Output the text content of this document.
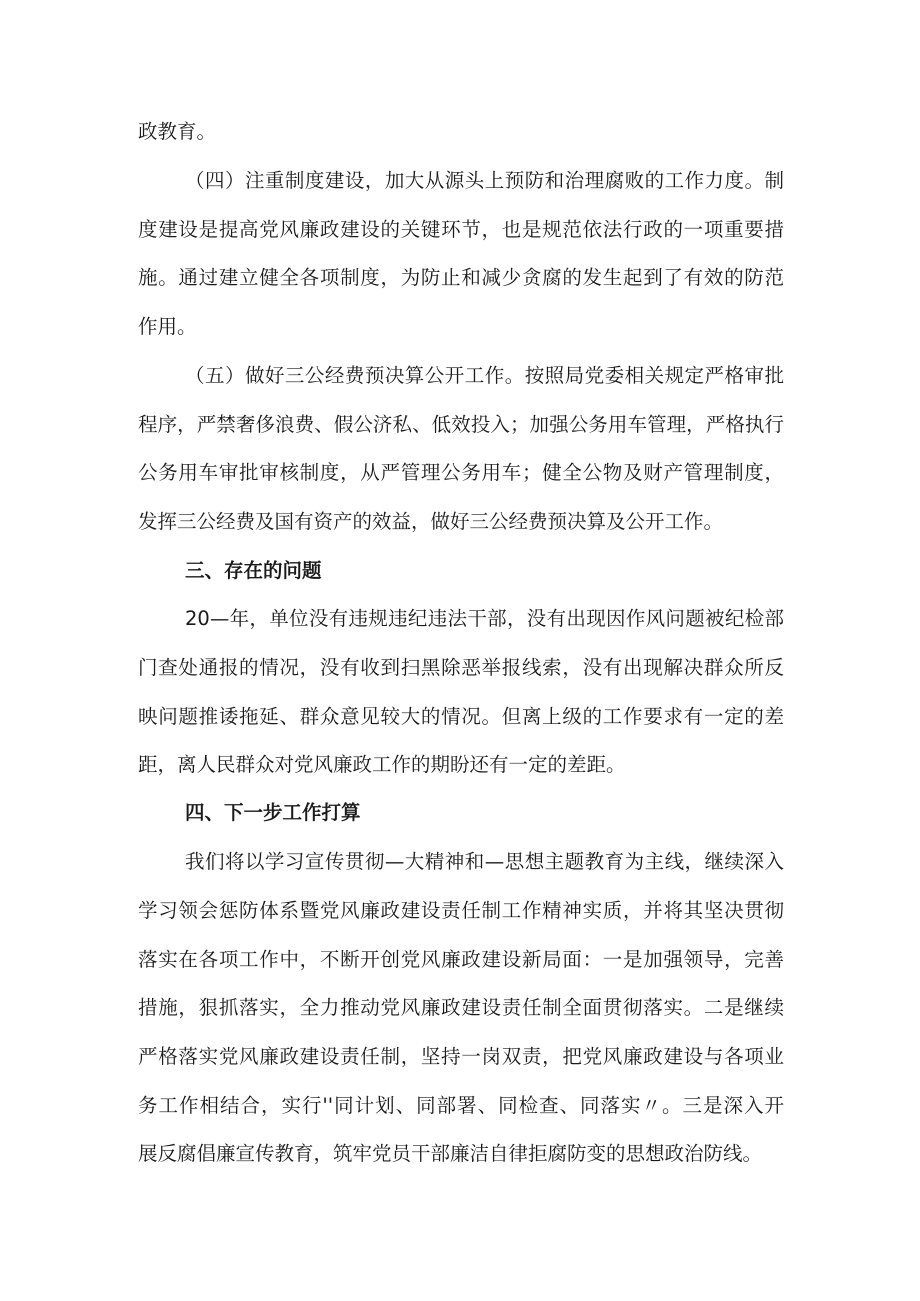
政教育。
（四）注重制度建设，加大从源头上预防和治理腐败的工作力度。制
度建设是提高党风廉政建设的关键环节，也是规范依法行政的一项重要措
施。通过建立健全各项制度，为防止和减少贪腐的发生起到了有效的防范
作用。
（五）做好三公经费预决算公开工作。按照局党委相关规定严格审批
程序，严禁奢侈浪费、假公济私、低效投入；加强公务用车管理，严格执行
公务用车审批审核制度，从严管理公务用车；健全公物及财产管理制度，
发挥三公经费及国有资产的效益，做好三公经费预决算及公开工作。
三、存在的问题
20—年，单位没有违规违纪违法干部，没有出现因作风问题被纪检部
门查处通报的情况，没有收到扫黑除恶举报线索，没有出现解决群众所反
映问题推诿拖延、群众意见较大的情况。但离上级的工作要求有一定的差
距，离人民群众对党风廉政工作的期盼还有一定的差距。
四、下一步工作打算
我们将以学习宣传贯彻—大精神和—思想主题教育为主线，继续深入
学习领会惩防体系暨党风廉政建设责任制工作精神实质，并将其坚决贯彻
落实在各项工作中，不断开创党风廉政建设新局面：一是加强领导，完善
措施，狠抓落实，全力推动党风廉政建设责任制全面贯彻落实。二是继续
严格落实党风廉政建设责任制，坚持一岗双责，把党风廉政建设与各项业
务工作相结合，实行''同计划、同部署、同检查、同落实〃。三是深入开
展反腐倡廉宣传教育，筑牢党员干部廉洁自律拒腐防变的思想政治防线。
